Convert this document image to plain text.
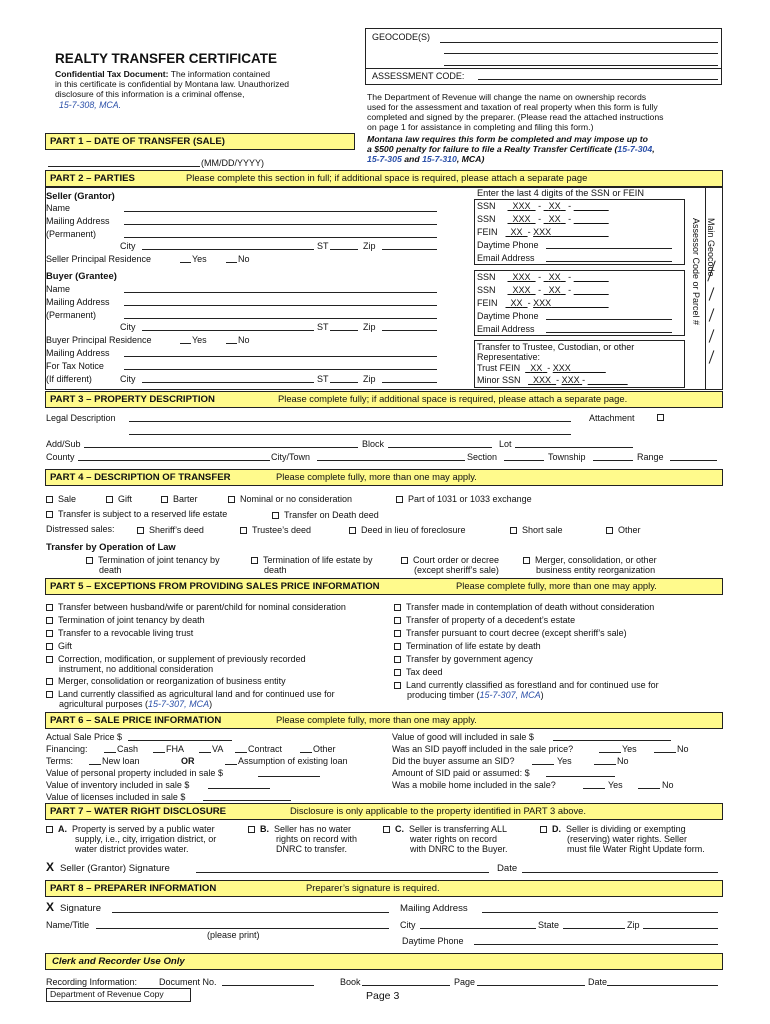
GEOCODE(S)
ASSESSMENT CODE:
REALTY TRANSFER CERTIFICATE
Confidential Tax Document: The information contained
in this certificate is confidential by Montana law. Unauthorized
disclosure of this information is a criminal offense,
15-7-308, MCA.
The Department of Revenue will change the name on ownership records
used for the assessment and taxation of real property when this form is fully
completed and signed by the preparer. (Please read the attached instructions
on page 1 for assistance in completing and filing this form.)
Montana law requires this form be completed and may impose up to
a $500 penalty for failure to file a Realty Transfer Certificate (15-7-304,
15-7-305 and 15-7-310, MCA)
PART 1 – DATE OF TRANSFER (SALE)
(MM/DD/YYYY)
PART 2 – PARTIES	Please complete this section in full; if additional space is required, please attach a separate page
Seller (Grantor)
Name
Mailing Address
(Permanent)
City	ST	Zip
Seller Principal Residence	Yes	No
Enter the last 4 digits of the SSN or FEIN
SSN XXX - XX -
SSN XXX - XX -
FEIN XX - XXX
Daytime Phone
Email Address
Buyer (Grantee)
Name
Mailing Address
(Permanent)
City	ST	Zip
Buyer Principal Residence	Yes	No
Mailing Address
For Tax Notice
(If different)	City	ST	Zip
SSN XXX - XX -
SSN XXX - XX -
FEIN XX - XXX
Daytime Phone
Email Address
Transfer to Trustee, Custodian, or other
Representative:
Trust FEIN XX - XXX
Minor SSN XXX - XXX -
Main Geocode
Assessor Code or Parcel #
PART 3 – PROPERTY DESCRIPTION	Please complete fully; if additional space is required, please attach a separate page.
Legal Description	Attachment
Add/Sub	Block	Lot
County	City/Town	Section	Township	Range
PART 4 – DESCRIPTION OF TRANSFER	Please complete fully, more than one may apply.
Sale	Gift	Barter	Nominal or no consideration	Part of 1031 or 1033 exchange
Transfer is subject to a reserved life estate	Transfer on Death deed
Distressed sales:	Sheriff’s deed	Trustee’s deed	Deed in lieu of foreclosure	Short sale	Other
Transfer by Operation of Law
Termination of joint tenancy by
death
Termination of life estate by
death
Court order or decree
(except sheriff’s sale)
Merger, consolidation, or other
business entity reorganization
PART 5 – EXCEPTIONS FROM PROVIDING SALES PRICE INFORMATION	Please complete fully, more than one may apply.
Transfer between husband/wife or parent/child for nominal consideration
Termination of joint tenancy by death
Transfer to a revocable living trust
Gift
Correction, modification, or supplement of previously recorded
instrument, no additional consideration
Merger, consolidation or reorganization of business entity
Land currently classified as agricultural land and for continued use for
agricultural purposes (15-7-307, MCA)
Transfer made in contemplation of death without consideration
Transfer of property of a decedent’s estate
Transfer pursuant to court decree (except sheriff’s sale)
Termination of life estate by death
Transfer by government agency
Tax deed
Land currently classified as forestland and for continued use for
producing timber (15-7-307, MCA)
PART 6 – SALE PRICE INFORMATION	Please complete fully, more than one may apply.
Actual Sale Price $
Financing:	Cash	FHA	VA	Contract	Other
Terms:	New loan	OR	Assumption of existing loan
Value of personal property included in sale $
Value of inventory included in sale $
Value of licenses included in sale $
Value of good will included in sale $
Was an SID payoff included in the sale price?	Yes	No
Did the buyer assume an SID?	Yes	No
Amount of SID paid or assumed: $
Was a mobile home included in the sale?	Yes	No
PART 7 – WATER RIGHT DISCLOSURE	Disclosure is only applicable to the property identified in PART 3 above.
A. Property is served by a public water
supply, i.e., city, irrigation district, or
water district provides water.
B. Seller has no water
rights on record with
DNRC to transfer.
C. Seller is transferring ALL
water rights on record
with DNRC to the Buyer.
D. Seller is dividing or exempting
(reserving) water rights. Seller
must file Water Right Update form.
X Seller (Grantor) Signature	Date
PART 8 – PREPARER INFORMATION	Preparer’s signature is required.
X Signature	Mailing Address
Name/Title
(please print)
City	State	Zip
Daytime Phone
Clerk and Recorder Use Only
Recording Information: Document No.	Book	Page	Date
Department of Revenue Copy	Page 3
